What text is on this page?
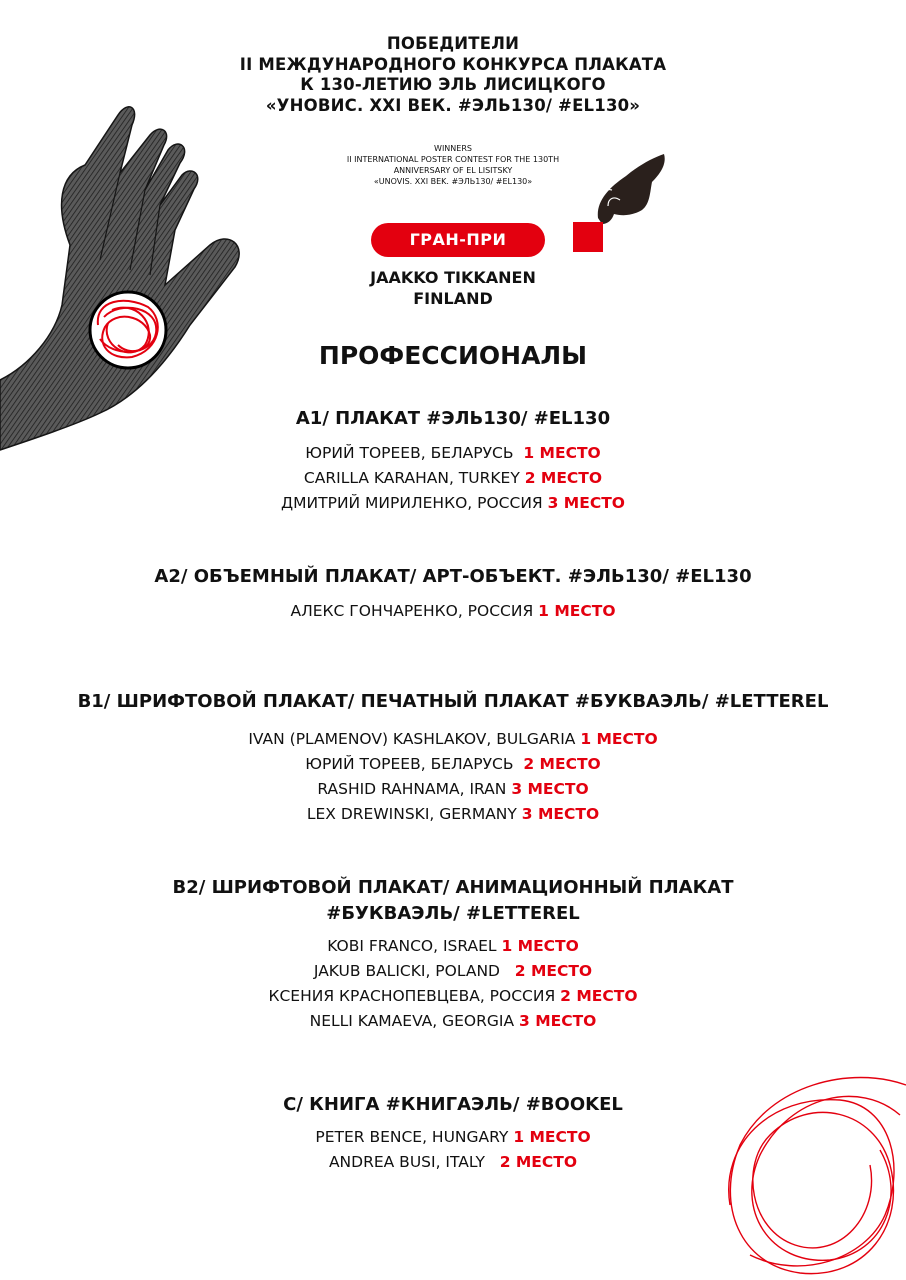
ПОБЕДИТЕЛИ
II МЕЖДУНАРОДНОГО КОНКУРСА ПЛАКАТА
К 130-ЛЕТИЮ ЭЛЬ ЛИСИЦКОГО
«УНОВИС. XXI ВЕК. #ЭЛЬ130/ #EL130»
WINNERS
II INTERNATIONAL POSTER CONTEST FOR THE 130TH
ANNIVERSARY OF EL LISITSKY
«UNOVIS. XXI BEK. #ЭЛЬ130/ #EL130»
ГРАН-ПРИ
JAAKKO TIKKANEN
FINLAND
ПРОФЕССИОНАЛЫ
A1/ ПЛАКАТ #ЭЛЬ130/ #EL130
ЮРИЙ ТОРЕЕВ, БЕЛАРУСЬ  1 МЕСТО
CARILLA KARAHAN, TURKEY 2 МЕСТО
ДМИТРИЙ МИРИЛЕНКО, РОССИЯ 3 МЕСТО
A2/ ОБЪЕМНЫЙ ПЛАКАТ/ АРТ-ОБЪЕКТ. #ЭЛЬ130/ #EL130
АЛЕКС ГОНЧАРЕНКО, РОССИЯ 1 МЕСТО
B1/ ШРИФТОВОЙ ПЛАКАТ/ ПЕЧАТНЫЙ ПЛАКАТ #БУКВАЭЛЬ/ #LETTEREL
IVAN (PLAMENOV) KASHLAKOV, BULGARIA 1 МЕСТО
ЮРИЙ ТОРЕЕВ, БЕЛАРУСЬ  2 МЕСТО
RASHID RAHNAMA, IRAN 3 МЕСТО
LEX DREWINSKI, GERMANY 3 МЕСТО
B2/ ШРИФТОВОЙ ПЛАКАТ/ АНИМАЦИОННЫЙ ПЛАКАТ
#БУКВАЭЛЬ/ #LETTEREL
KOBI FRANCO, ISRAEL 1 МЕСТО
JAKUB BALICKI, POLAND   2 МЕСТО
КСЕНИЯ КРАСНОПЕВЦЕВА, РОССИЯ 2 МЕСТО
NELLI KAMAEVA, GEORGIA 3 МЕСТО
C/ КНИГА #КНИГАЭЛЬ/ #BOOKEL
PETER BENCE, HUNGARY 1 МЕСТО
ANDREA BUSI, ITALY   2 МЕСТО
